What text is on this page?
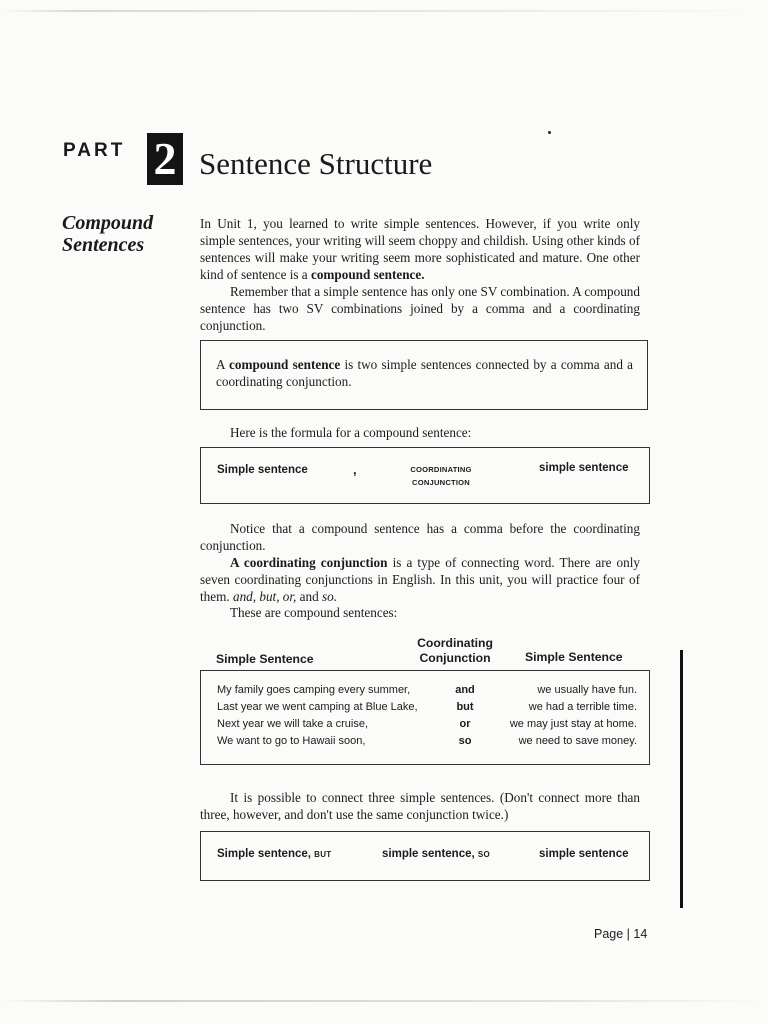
PART 2 Sentence Structure
Compound
Sentences

In Unit 1, you learned to write simple sentences. However, if you write only simple sentences, your writing will seem choppy and childish. Using other kinds of sentences will make your writing seem more sophisticated and mature. One other kind of sentence is a compound sentence.

Remember that a simple sentence has only one SV combination. A compound sentence has two SV combinations joined by a comma and a coordinating conjunction.

A compound sentence is two simple sentences connected by a comma and a coordinating conjunction.

Here is the formula for a compound sentence:

Simple sentence	,	COORDINATING
CONJUNCTION
simple sentence

Notice that a compound sentence has a comma before the coordinating conjunction.

A coordinating conjunction is a type of connecting word. There are only seven coordinating conjunctions in English. In this unit, you will practice four of them. and, but, or, and so.

These are compound sentences:

Simple Sentence
Coordinating
Conjunction	Simple Sentence
My family goes camping every summer,	and	we usually have fun.
Last year we went camping at Blue Lake,	but	we had a terrible time.
Next year we will take a cruise,	or	we may just stay at home.
We want to go to Hawaii soon,	so	we need to save money.

It is possible to connect three simple sentences. (Don't connect more than three, however, and don't use the same conjunction twice.)

Simple sentence, BUT	simple sentence, SO	simple sentence
Page | 14
